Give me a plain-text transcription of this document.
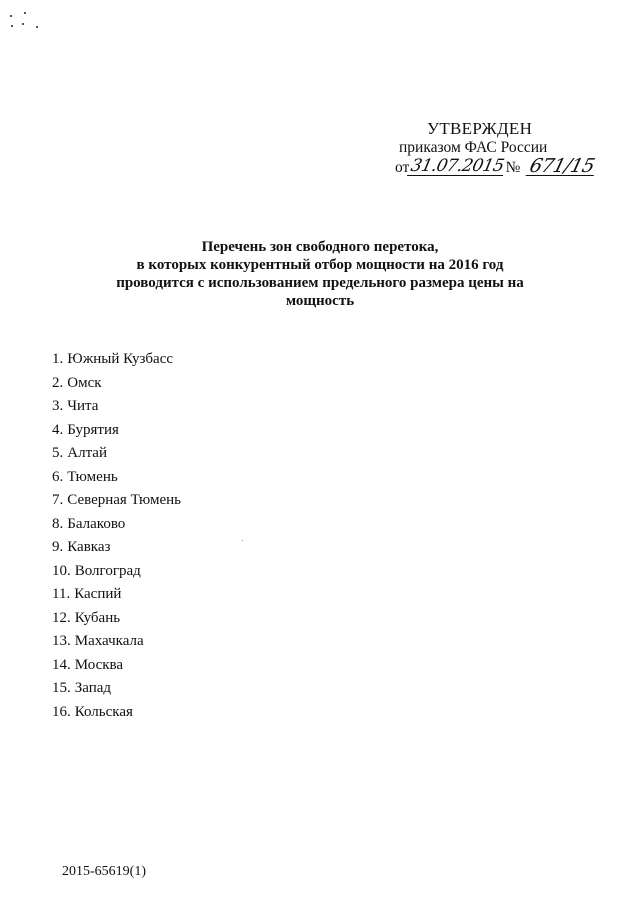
УТВЕРЖДЕН
приказом ФАС России
от 31.07.2015 № 671/15
Перечень зон свободного перетока,
в которых конкурентный отбор мощности на 2016 год
проводится с использованием предельного размера цены на
мощность
1. Южный Кузбасс
2. Омск
3. Чита
4. Бурятия
5. Алтай
6. Тюмень
7. Северная Тюмень
8. Балаково
9. Кавказ
10. Волгоград
11. Каспий
12. Кубань
13. Махачкала
14. Москва
15. Запад
16. Кольская
2015-65619(1)
